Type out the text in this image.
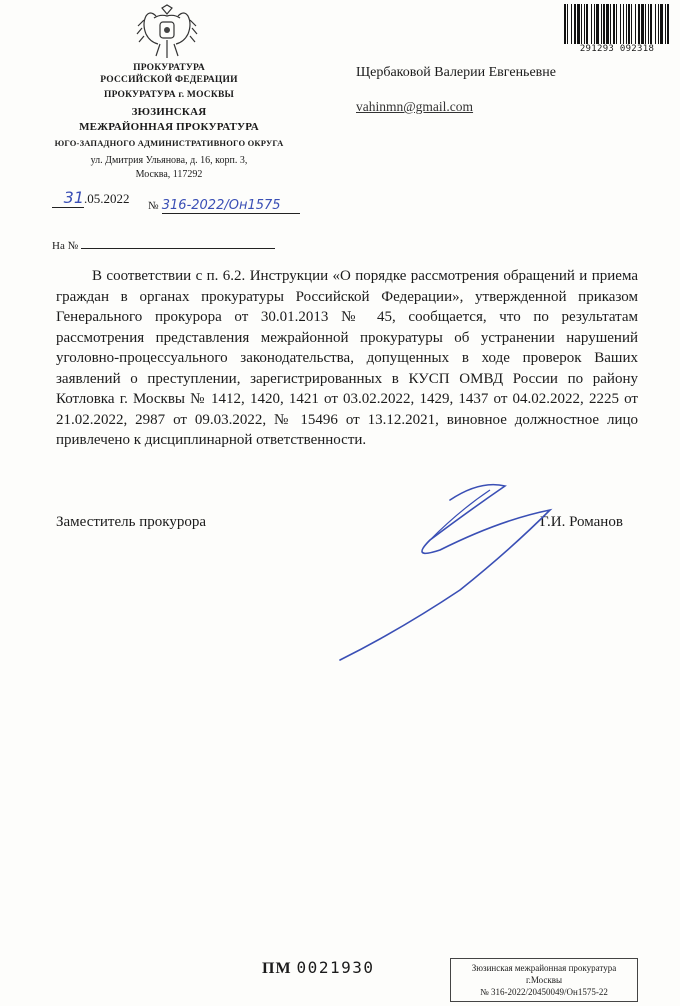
ПРОКУРАТУРА
РОССИЙСКОЙ ФЕДЕРАЦИИ
ПРОКУРАТУРА г. МОСКВЫ
ЗЮЗИНСКАЯ
МЕЖРАЙОННАЯ ПРОКУРАТУРА
ЮГО-ЗАПАДНОГО АДМИНИСТРАТИВНОГО ОКРУГА
ул. Дмитрия Ульянова, д. 16, корп. 3,
Москва, 117292
31.05.2022 $_№$ 316-2022/Он1575
На №
Щербаковой Валерии Евгеньевне
vahinmn@gmail.com
291293 092318
В соответствии с п. 6.2. Инструкции «О порядке рассмотрения обращений и приема граждан в органах прокуратуры Российской Федерации», утвержденной приказом Генерального прокурора от 30.01.2013 № 45, сообщается, что по результатам рассмотрения представления межрайонной прокуратуры об устранении нарушений уголовно-процессуального законодательства, допущенных в ходе проверок Ваших заявлений о преступлении, зарегистрированных в КУСП ОМВД России по району Котловка г. Москвы № 1412, 1420, 1421 от 03.02.2022, 1429, 1437 от 04.02.2022, 2225 от 21.02.2022, 2987 от 09.03.2022, № 15496 от 13.12.2021, виновное должностное лицо привлечено к дисциплинарной ответственности.
Заместитель прокурора	Г.И. Романов
ПМ 0021930	Зюзинская межрайонная прокуратура г.Москвы
№ 316-2022/20450049/Он1575-22
